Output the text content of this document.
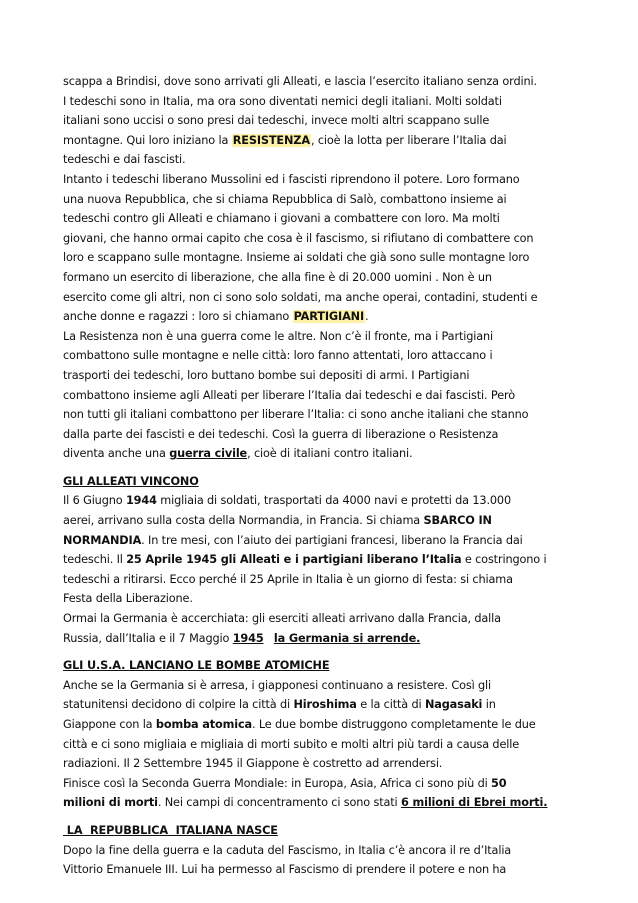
scappa a Brindisi, dove sono arrivati gli Alleati, e lascia l’esercito italiano senza ordini.
I tedeschi sono in Italia, ma ora sono diventati nemici degli italiani. Molti soldati
italiani sono uccisi o sono presi dai tedeschi, invece molti altri scappano sulle
montagne. Qui loro iniziano la RESISTENZA, cioè la lotta per liberare l’Italia dai
tedeschi e dai fascisti.
Intanto i tedeschi liberano Mussolini ed i fascisti riprendono il potere. Loro formano
una nuova Repubblica, che si chiama Repubblica di Salò, combattono insieme ai
tedeschi contro gli Alleati e chiamano i giovani a combattere con loro. Ma molti
giovani, che hanno ormai capito che cosa è il fascismo, si rifiutano di combattere con
loro e scappano sulle montagne. Insieme ai soldati che già sono sulle montagne loro
formano un esercito di liberazione, che alla fine è di 20.000 uomini . Non è un
esercito come gli altri, non ci sono solo soldati, ma anche operai, contadini, studenti e
anche donne e ragazzi : loro si chiamano PARTIGIANI.
La Resistenza non è una guerra come le altre. Non c’è il fronte, ma i Partigiani
combattono sulle montagne e nelle città: loro fanno attentati, loro attaccano i
trasporti dei tedeschi, loro buttano bombe sui depositi di armi. I Partigiani
combattono insieme agli Alleati per liberare l’Italia dai tedeschi e dai fascisti. Però
non tutti gli italiani combattono per liberare l’Italia: ci sono anche italiani che stanno
dalla parte dei fascisti e dei tedeschi. Così la guerra di liberazione o Resistenza
diventa anche una guerra civile, cioè di italiani contro italiani.
GLI ALLEATI VINCONO
Il 6 Giugno 1944 migliaia di soldati, trasportati da 4000 navi e protetti da 13.000
aerei, arrivano sulla costa della Normandia, in Francia. Si chiama SBARCO IN
NORMANDIA. In tre mesi, con l’aiuto dei partigiani francesi, liberano la Francia dai
tedeschi. Il 25 Aprile 1945 gli Alleati e i partigiani liberano l’Italia e costringono i
tedeschi a ritirarsi. Ecco perché il 25 Aprile in Italia è un giorno di festa: si chiama
Festa della Liberazione.
Ormai la Germania è accerchiata: gli eserciti alleati arrivano dalla Francia, dalla
Russia, dall’Italia e il 7 Maggio 1945 la Germania si arrende.
GLI U.S.A. LANCIANO LE BOMBE ATOMICHE
Anche se la Germania si è arresa, i giapponesi continuano a resistere. Così gli
statunitensi decidono di colpire la città di Hiroshima e la città di Nagasaki in
Giappone con la bomba atomica. Le due bombe distruggono completamente le due
città e ci sono migliaia e migliaia di morti subito e molti altri più tardi a causa delle
radiazioni. Il 2 Settembre 1945 il Giappone è costretto ad arrendersi.
Finisce così la Seconda Guerra Mondiale: in Europa, Asia, Africa ci sono più di 50
milioni di morti. Nei campi di concentramento ci sono stati 6 milioni di Ebrei morti.
LA  REPUBBLICA  ITALIANA NASCE
Dopo la fine della guerra e la caduta del Fascismo, in Italia c’è ancora il re d’Italia
Vittorio Emanuele III. Lui ha permesso al Fascismo di prendere il potere e non ha
